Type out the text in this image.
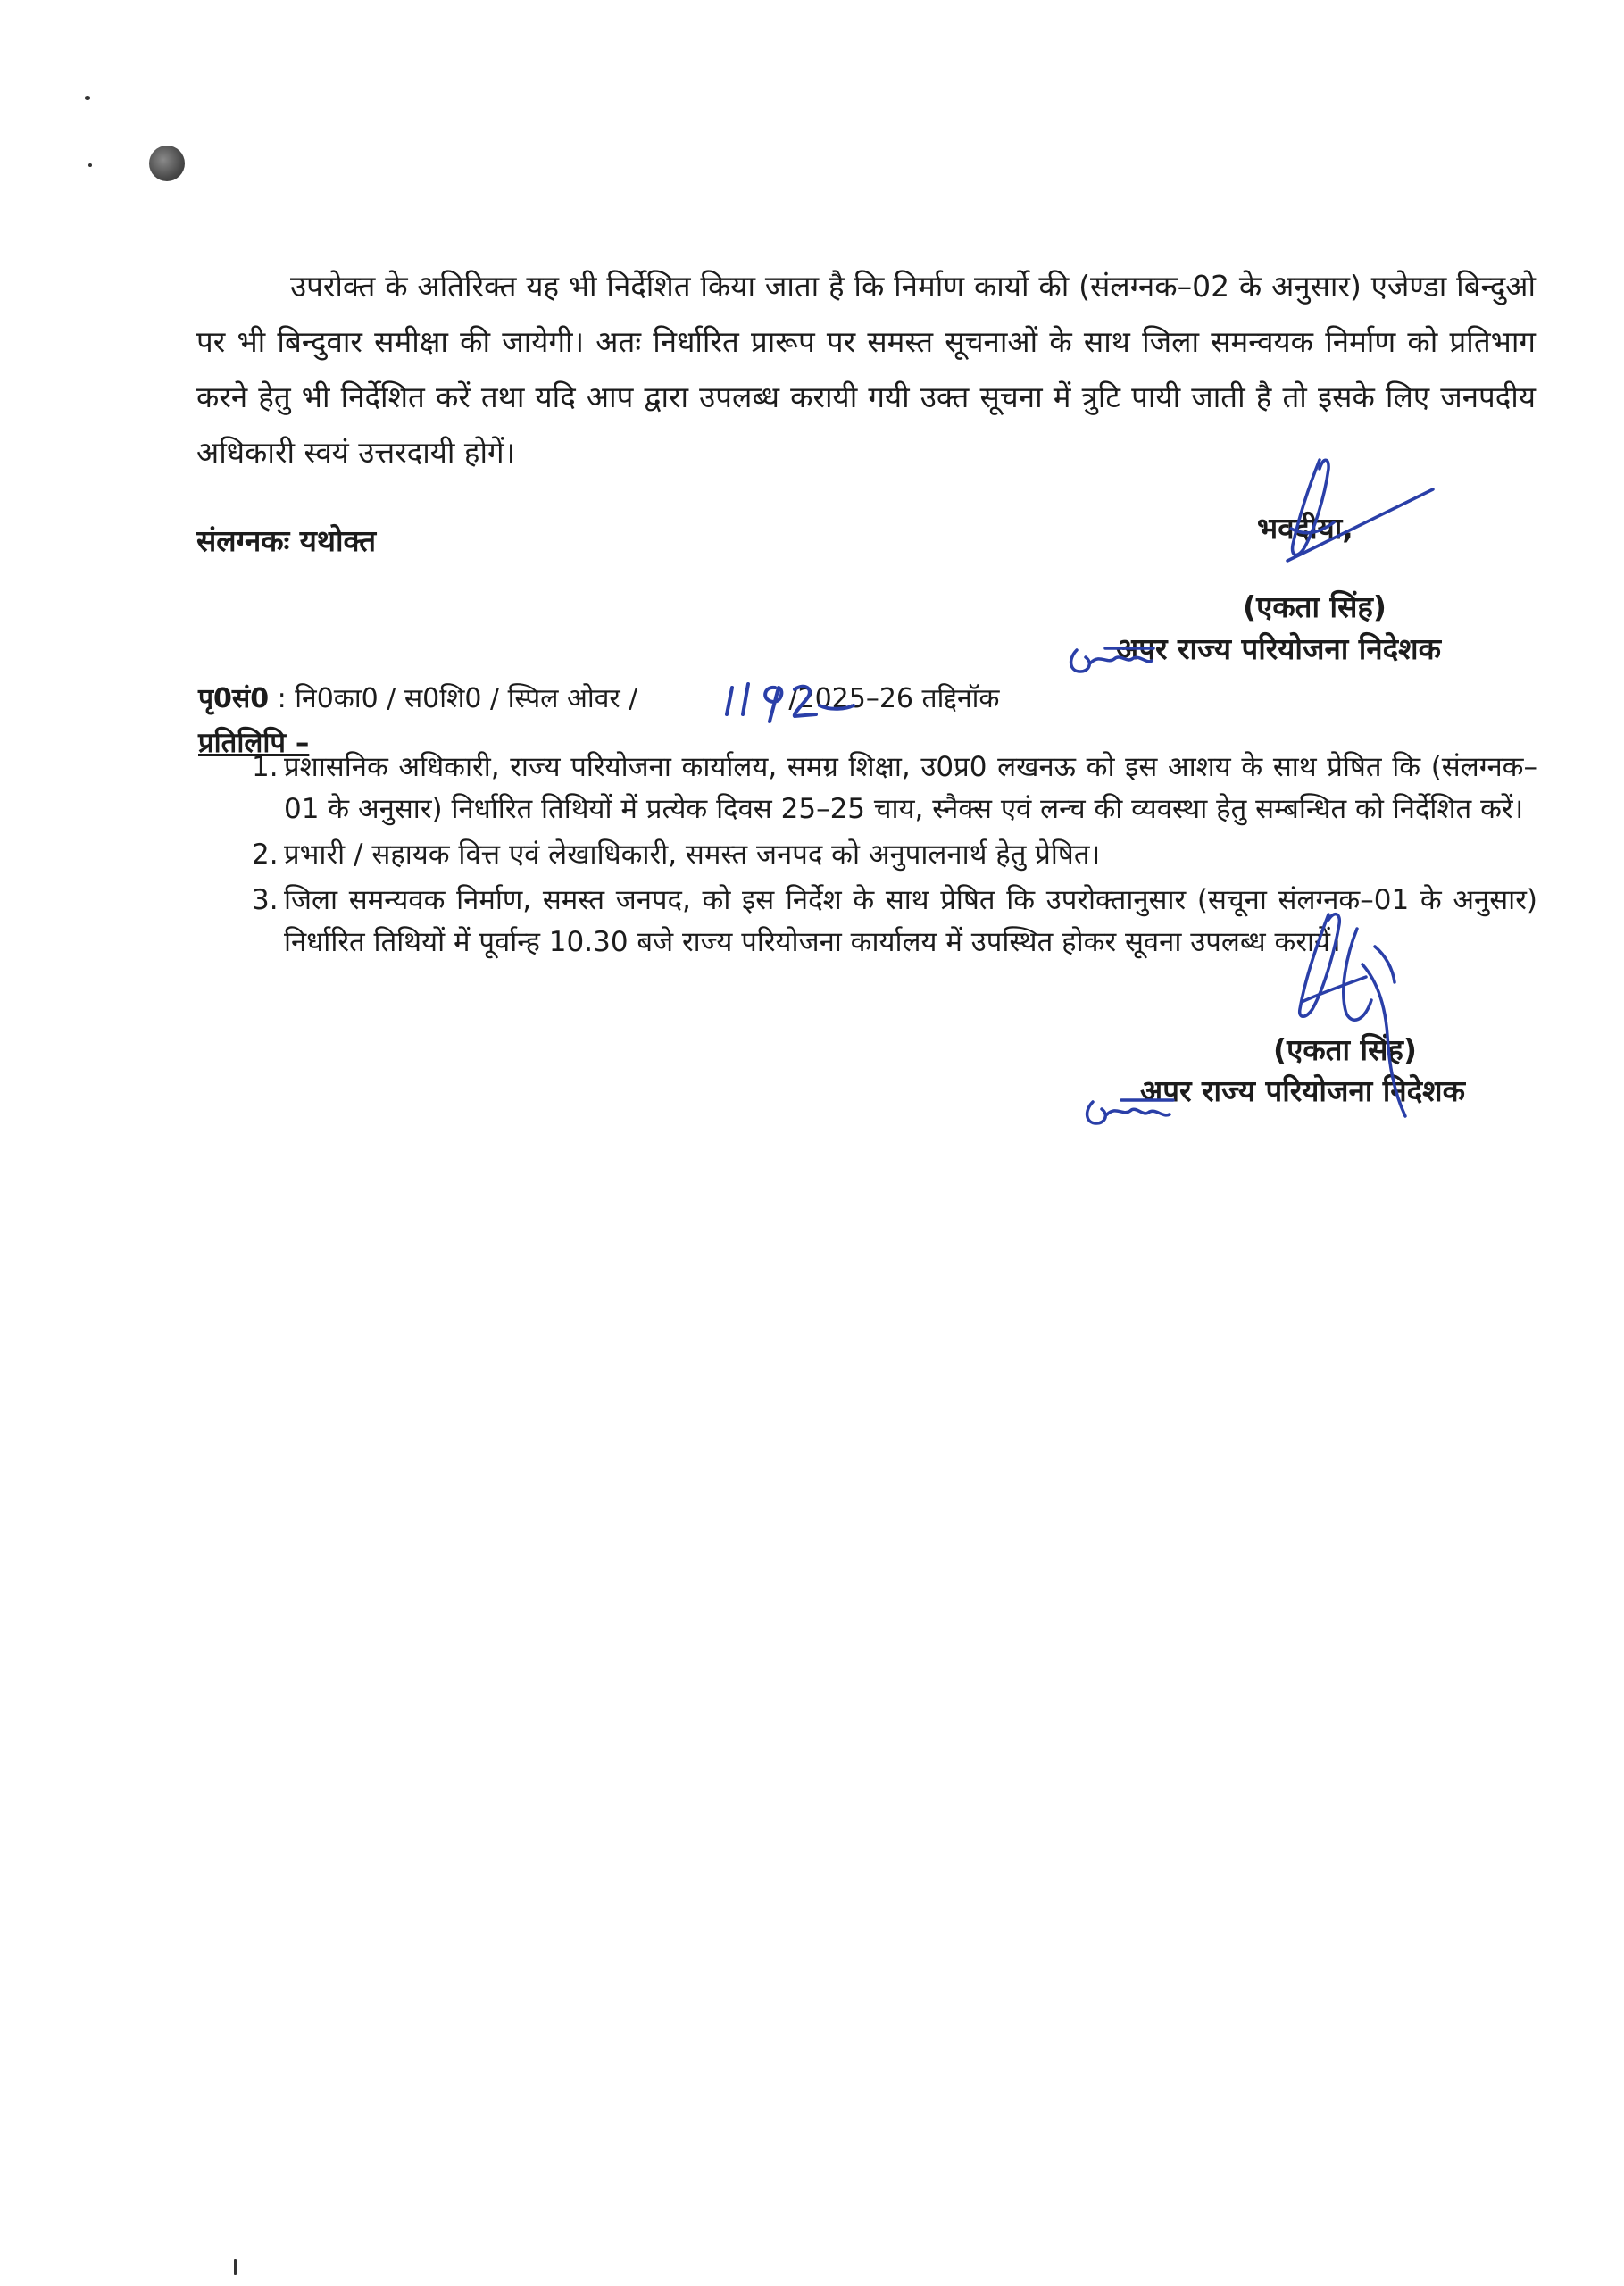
उपरोक्त के अतिरिक्त यह भी निर्देशित किया जाता है कि निर्माण कार्यो की (संलग्नक–02 के अनुसार) एजेण्डा बिन्दुओ पर भी बिन्दुवार समीक्षा की जायेगी। अतः निर्धारित प्रारूप पर समस्त सूचनाओं के साथ जिला समन्वयक निर्माण को प्रतिभाग करने हेतु भी निर्देशित करें तथा यदि आप द्वारा उपलब्ध करायी गयी उक्त सूचना में त्रुटि पायी जाती है तो इसके लिए जनपदीय अधिकारी स्वयं उत्तरदायी होगें।

संलग्नकः यथोक्त	भवदीया,
(एकता सिंह)
अपर राज्य परियोजना निदेशक
पृ0सं0 : नि0का0 / स0शि0 / स्पिल ओवर /	/2025–26 तद्दिनॉक
प्रतिलिपि –
1. प्रशासनिक अधिकारी, राज्य परियोजना कार्यालय, समग्र शिक्षा, उ0प्र0 लखनऊ को इस आशय के साथ प्रेषित कि (संलग्नक–01 के अनुसार) निर्धारित तिथियों में प्रत्येक दिवस 25–25 चाय, स्नैक्स एवं लन्च की व्यवस्था हेतु सम्बन्धित को निर्देशित करें।
2. प्रभारी / सहायक वित्त एवं लेखाधिकारी, समस्त जनपद को अनुपालनार्थ हेतु प्रेषित।
3. जिला समन्यवक निर्माण, समस्त जनपद, को इस निर्देश के साथ प्रेषित कि उपरोक्तानुसार (सचूना संलग्नक–01 के अनुसार) निर्धारित तिथियों में पूर्वान्ह 10.30 बजे राज्य परियोजना कार्यालय में उपस्थित होकर सूवना उपलब्ध करायें।
(एकता सिंह)
अपर राज्य परियोजना निदेशक
